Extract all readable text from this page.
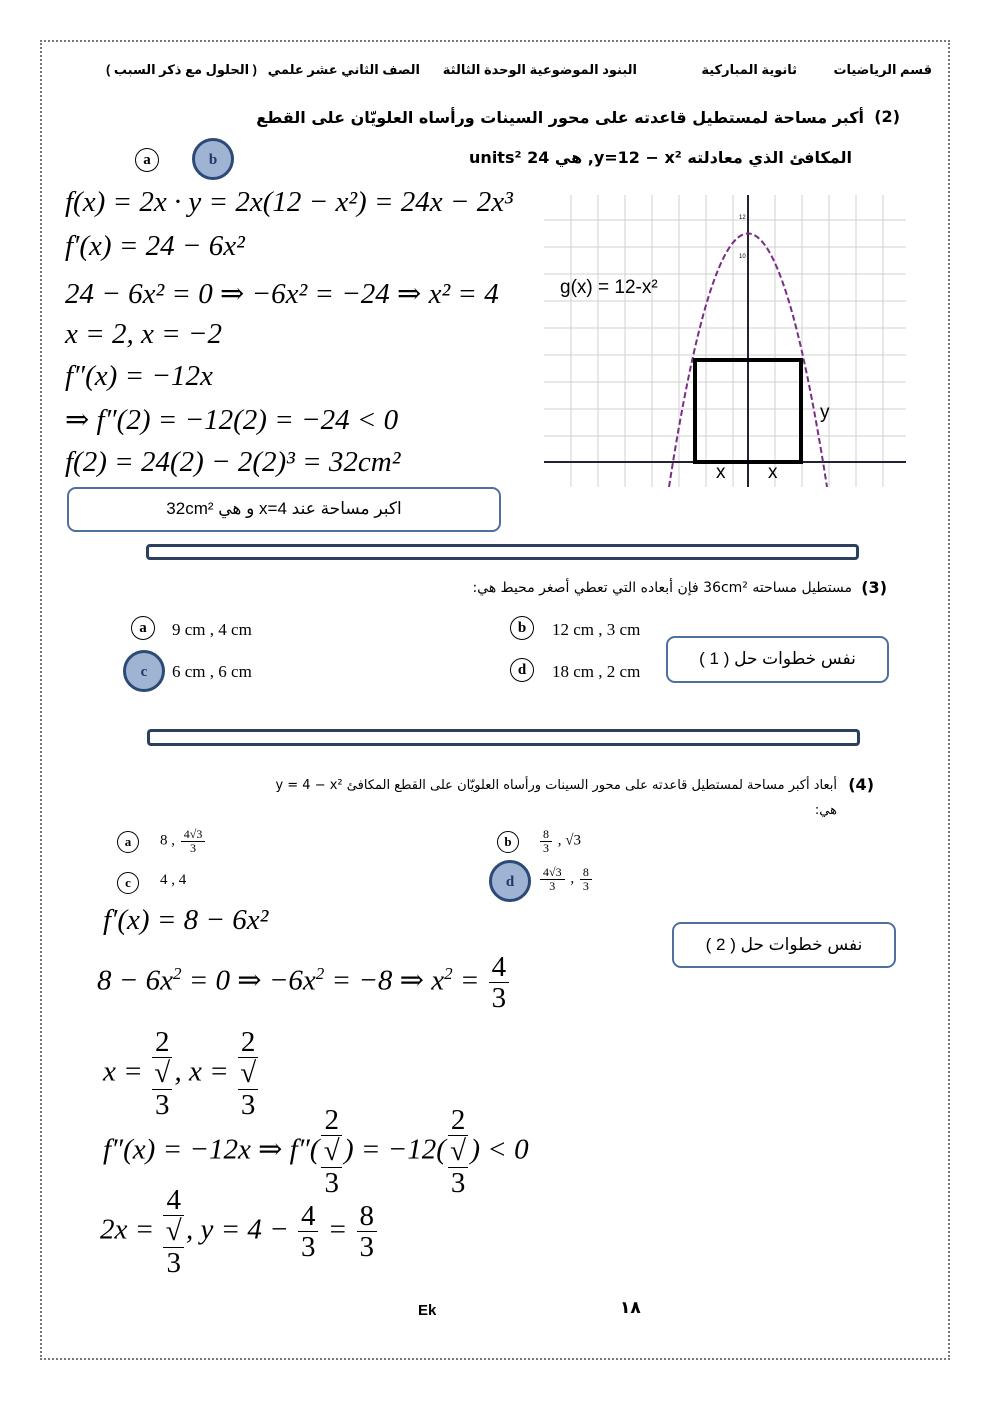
قسم الرياضيات
ثانوية المباركية
البنود الموضوعية الوحدة الثالثة
الصف الثاني عشر علمي
( الحلول مع ذكر السبب )
(2)
أكبر مساحة لمستطيل قاعدته على محور السينات ورأساه العلويّان على القطع
المكافئ الذي معادلته y=12 − x², هي 24 units²
a	b
f(x) = 2x · y = 2x(12 − x²) = 24x − 2x³
f′(x) = 24 − 6x²
24 − 6x² = 0 ⇒ −6x² = −24 ⇒ x² = 4
x = 2, x = −2
f″(x) = −12x
⇒ f″(2) = −12(2) = −24 < 0
f(2) = 24(2) − 2(2)³ = 32cm²
12
10
g(x) = 12-x²
y
x x
اكبر مساحة عند x=4 و هي 32cm²
(3)
مستطيل مساحته 36cm² فإن أبعاده التي تعطي أصغر محيط هي:
a	9 cm , 4 cm	b	12 cm , 3 cm
c	6 cm , 6 cm	d	18 cm , 2 cm
نفس خطوات حل ( 1 )
(4)
أبعاد أكبر مساحة لمستطيل قاعدته على محور السينات ورأساه العلويّان على القطع المكافئ y = 4 − x²
هي:
a	8 , $\frac{4√3}{3}$	b	$\frac{8}{3}$ , √3
c	4 , 4	d	$\frac{4√3}{3}$ , $\frac{8}{3}$
نفس خطوات حل ( 2 )
f′(x) = 8 − 6x²
$8 - 6x^2 = 0$ ⇒ $-6x^2 = -8$ ⇒ $x^2 = \frac{4}{3}$
x = 2
√
3 , x = 2
√
3
f″(x) = −12x ⇒ f″( 2
√
3 ) = −12( 2
√
3 ) < 0
2x = 4
√
3 , $y = 4 - \frac{4}{3} = \frac{8}{3}$
Ek	١٨
